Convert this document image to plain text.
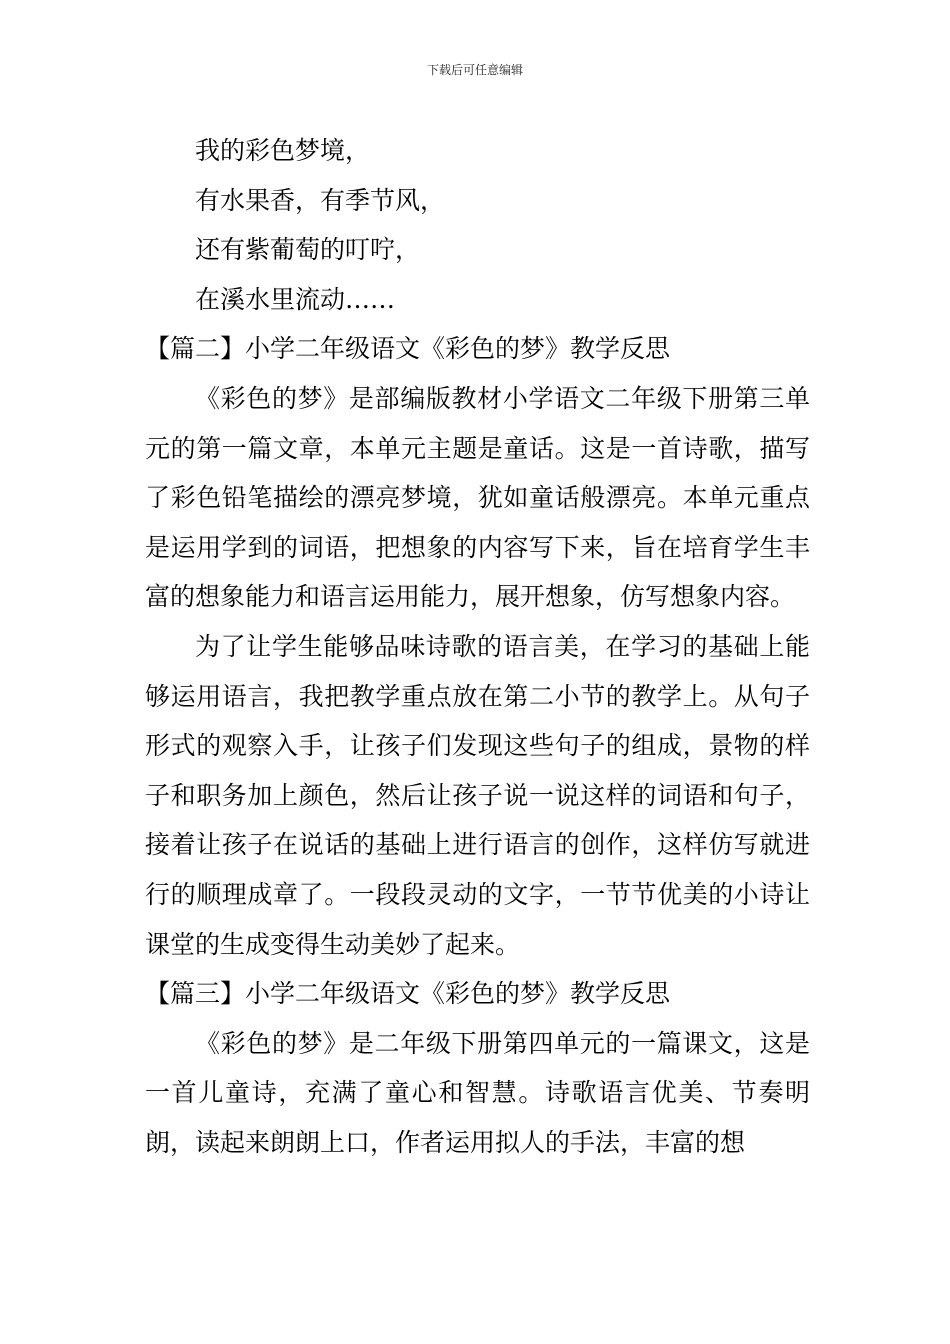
下载后可任意编辑
我的彩色梦境，
有水果香，有季节风，
还有紫葡萄的叮咛，
在溪水里流动……
【篇二】小学二年级语文《彩色的梦》教学反思

《彩色的梦》是部编版教材小学语文二年级下册第三单元的第一篇文章，本单元主题是童话。这是一首诗歌，描写了彩色铅笔描绘的漂亮梦境，犹如童话般漂亮。本单元重点是运用学到的词语，把想象的内容写下来，旨在培育学生丰富的想象能力和语言运用能力，展开想象，仿写想象内容。

为了让学生能够品味诗歌的语言美，在学习的基础上能够运用语言，我把教学重点放在第二小节的教学上。从句子形式的观察入手，让孩子们发现这些句子的组成，景物的样子和职务加上颜色，然后让孩子说一说这样的词语和句子，接着让孩子在说话的基础上进行语言的创作，这样仿写就进行的顺理成章了。一段段灵动的文字，一节节优美的小诗让课堂的生成变得生动美妙了起来。

【篇三】小学二年级语文《彩色的梦》教学反思

《彩色的梦》是二年级下册第四单元的一篇课文，这是一首儿童诗，充满了童心和智慧。诗歌语言优美、节奏明朗，读起来朗朗上口，作者运用拟人的手法，丰富的想
